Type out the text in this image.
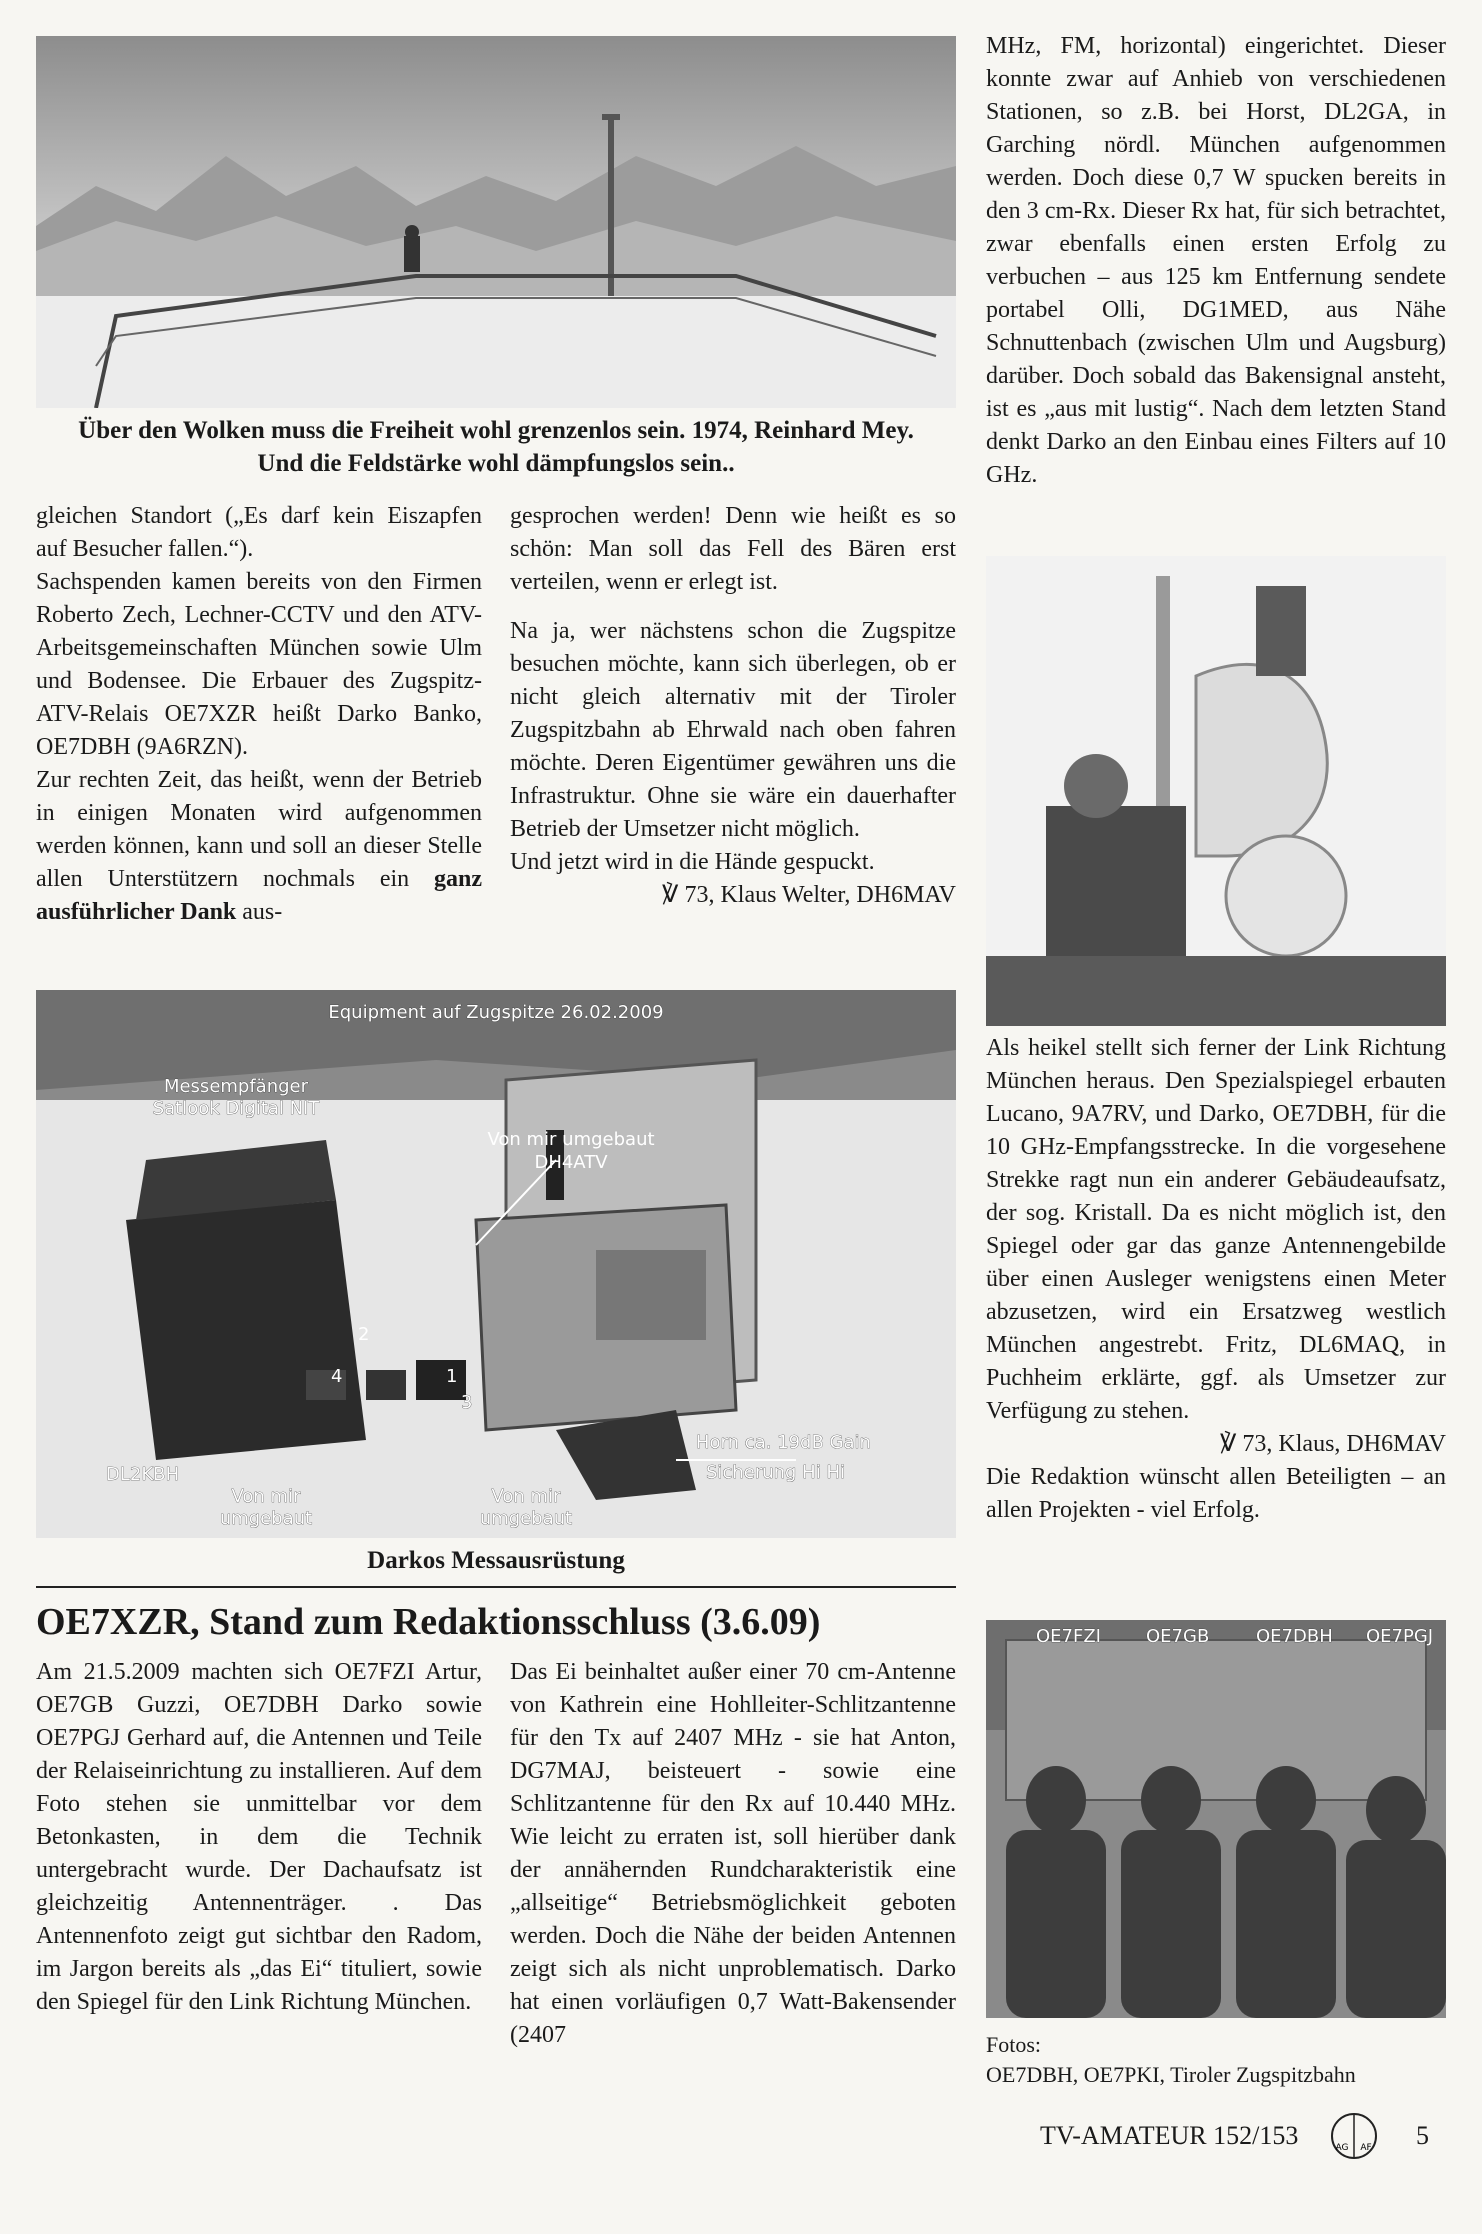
Über den Wolken muss die Freiheit wohl grenzenlos sein. 1974, Reinhard Mey.
Und die Feldstärke wohl dämpfungslos sein..

gleichen Standort („Es darf kein Eiszapfen auf Besucher fallen.“).

Sachspenden kamen bereits von den Firmen Roberto Zech, Lechner-CCTV und den ATV-Arbeitsgemeinschaften München sowie Ulm und Bodensee. Die Erbauer des Zugspitz-ATV-Relais OE7XZR heißt Darko Banko, OE7DBH (9A6RZN).

Zur rechten Zeit, das heißt, wenn der Betrieb in einigen Monaten wird aufgenommen werden können, kann und soll an dieser Stelle allen Unterstützern nochmals ein ganz ausführlicher Dank aus-

gesprochen werden! Denn wie heißt es so schön: Man soll das Fell des Bären erst verteilen, wenn er erlegt ist.

Na ja, wer nächstens schon die Zugspitze besuchen möchte, kann sich überlegen, ob er nicht gleich alternativ mit der Tiroler Zugspitzbahn ab Ehrwald nach oben fahren möchte. Deren Eigentümer gewähren uns die Infrastruktur. Ohne sie wäre ein dauerhafter Betrieb der Umsetzer nicht möglich.

Und jetzt wird in die Hände gespuckt.

℣ 73, Klaus Welter, DH6MAV

Equipment auf Zugspitze 26.02.2009
Messempfänger
Satlook Digital NIT
Von mir umgebaut
DH4ATV
2
4	1
3
Horn ca. 19dB Gain
Sicherung Hi Hi
DL2KBH
Von mir
umgebaut
Von mir
umgebaut
Darkos Messausrüstung
OE7XZR, Stand zum Redaktionsschluss (3.6.09)
Am 21.5.2009 machten sich OE7FZI Artur, OE7GB Guzzi, OE7DBH Darko sowie OE7PGJ Gerhard auf, die Antennen und Teile der Relaiseinrichtung zu installieren. Auf dem Foto stehen sie unmittelbar vor dem Betonkasten, in dem die Technik untergebracht wurde. Der Dachaufsatz ist gleichzeitig Antennenträger. . Das Antennenfoto zeigt gut sichtbar den Radom, im Jargon bereits als „das Ei“ tituliert, sowie den Spiegel für den Link Richtung München.
Das Ei beinhaltet außer einer 70 cm-Antenne von Kathrein eine Hohlleiter-Schlitzantenne für den Tx auf 2407 MHz - sie hat Anton, DG7MAJ, beisteuert - sowie eine Schlitzantenne für den Rx auf 10.440 MHz. Wie leicht zu erraten ist, soll hierüber dank der annähernden Rundcharakteristik eine „allseitige“ Betriebsmöglichkeit geboten werden. Doch die Nähe der beiden Antennen zeigt sich als nicht unproblematisch. Darko hat einen vorläufigen 0,7 Watt-Bakensender (2407
MHz, FM, horizontal) eingerichtet. Dieser konnte zwar auf Anhieb von verschiedenen Stationen, so z.B. bei Horst, DL2GA, in Garching nördl. München aufgenommen werden. Doch diese 0,7 W spucken bereits in den 3 cm-Rx. Dieser Rx hat, für sich betrachtet, zwar ebenfalls einen ersten Erfolg zu verbuchen – aus 125 km Entfernung sendete portabel Olli, DG1MED, aus Nähe Schnuttenbach (zwischen Ulm und Augsburg) darüber. Doch sobald das Bakensignal ansteht, ist es „aus mit lustig“. Nach dem letzten Stand denkt Darko an den Einbau eines Filters auf 10 GHz.

Als heikel stellt sich ferner der Link Richtung München heraus. Den Spezialspiegel erbauten Lucano, 9A7RV, und Darko, OE7DBH, für die 10 GHz-Empfangsstrecke. In die vorgesehene Strekke ragt nun ein anderer Gebäudeaufsatz, der sog. Kristall. Da es nicht möglich ist, den Spiegel oder gar das ganze Antennengebilde über einen Ausleger wenigstens einen Meter abzusetzen, wird ein Ersatzweg westlich München angestrebt. Fritz, DL6MAQ, in Puchheim erklärte, ggf. als Umsetzer zur Verfügung zu stehen.

℣ 73, Klaus, DH6MAV

Die Redaktion wünscht allen Beteiligten – an allen Projekten - viel Erfolg.

OE7FZI	OE7GB	OE7DBH OE7PGJ

Fotos:

OE7DBH, OE7PKI, Tiroler Zugspitzbahn

TV-AMATEUR 152/153	AG AF 5
